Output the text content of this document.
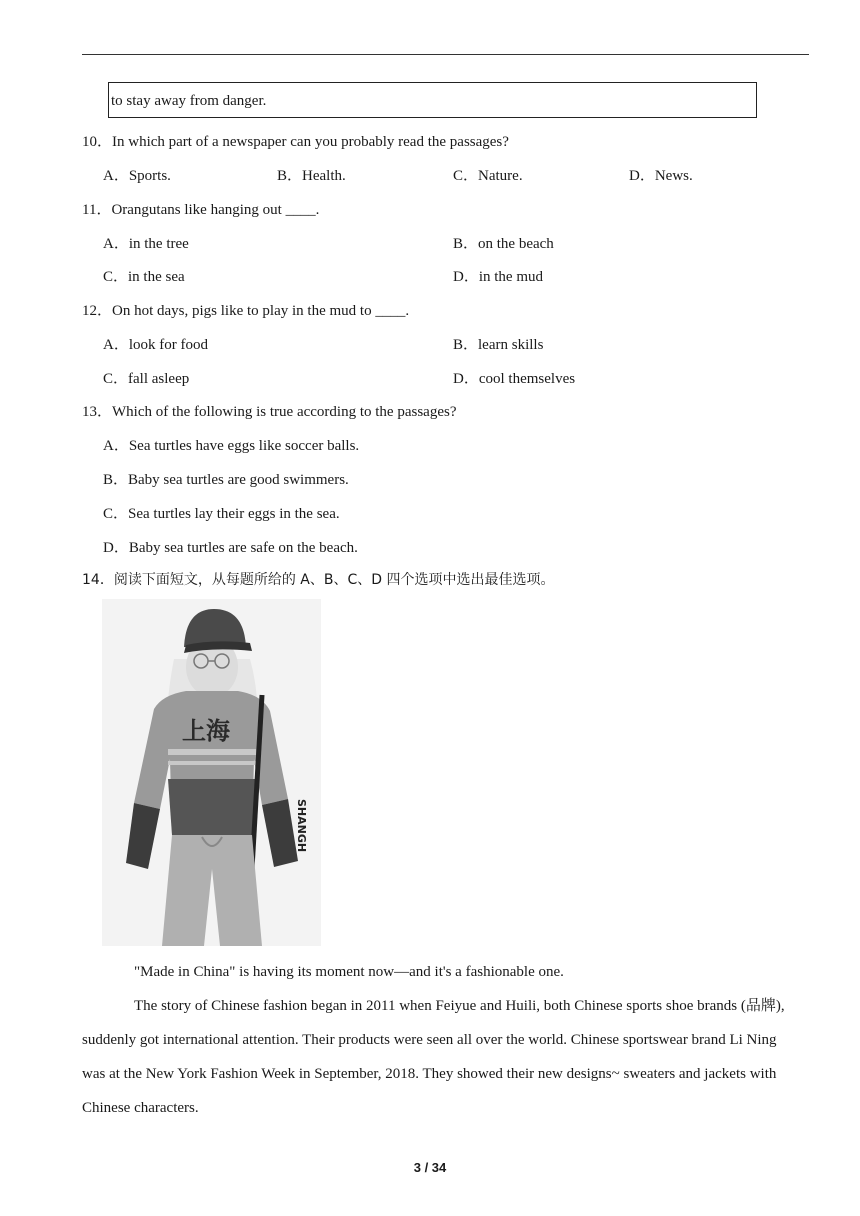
to stay away from danger.
10．In which part of a newspaper can you probably read the passages?
A．Sports.	B．Health.	C．Nature.	D．News.
11．Orangutans like hanging out ____.
A．in the tree	B．on the beach
C．in the sea	D．in the mud
12．On hot days, pigs like to play in the mud to ____.
A．look for food	B．learn skills
C．fall asleep	D．cool themselves
13．Which of the following is true according to the passages?
A．Sea turtles have eggs like soccer balls.
B．Baby sea turtles are good swimmers.
C．Sea turtles lay their eggs in the sea.
D．Baby sea turtles are safe on the beach.
14．阅读下面短文，从每题所给的 A、B、C、D 四个选项中选出最佳选项。
上海
SHANGH
"Made in China" is having its moment now—and it's a fashionable one.
The story of Chinese fashion began in 2011 when Feiyue and Huili, both Chinese sports shoe brands (品牌), suddenly got international attention. Their products were seen all over the world. Chinese sportswear brand Li Ning was at the New York Fashion Week in September, 2018. They showed their new designs~ sweaters and jackets with Chinese characters.
3 / 34
